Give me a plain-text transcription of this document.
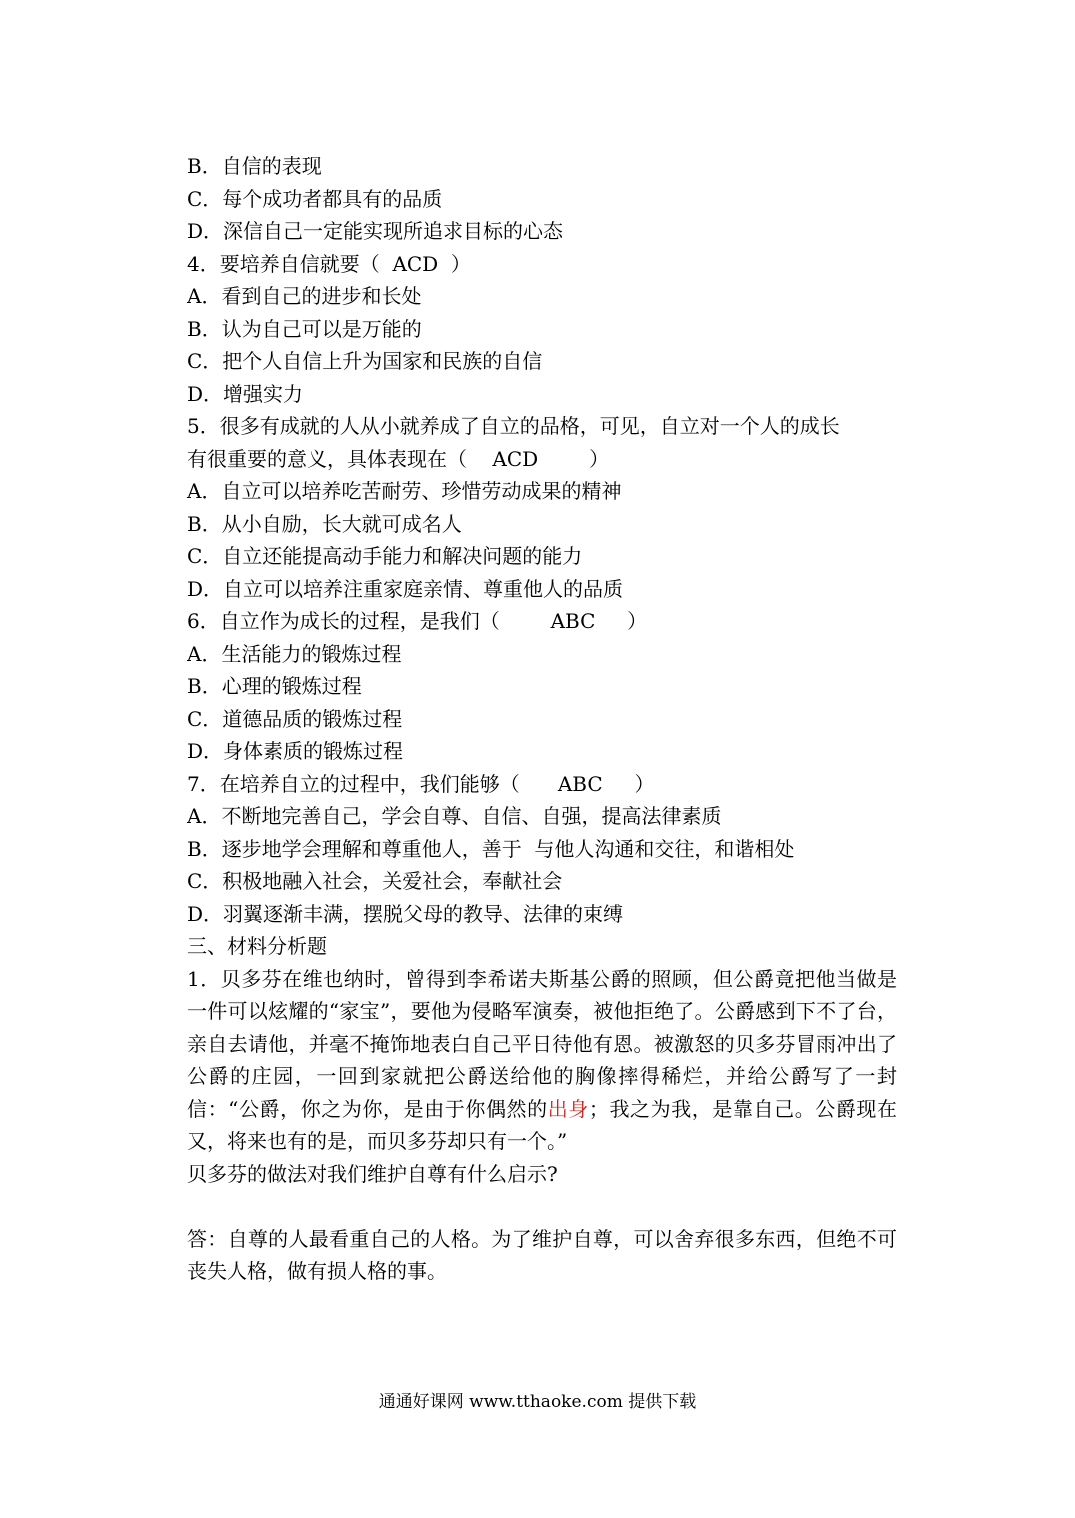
B．自信的表现
C．每个成功者都具有的品质
D．深信自己一定能实现所追求目标的心态
4．要培养自信就要（  ACD  ）
A．看到自己的进步和长处
B．认为自己可以是万能的
C．把个人自信上升为国家和民族的自信
D．增强实力
5．很多有成就的人从小就养成了自立的品格，可见，自立对一个人的成长
有很重要的意义，具体表现在（    ACD        ）
A．自立可以培养吃苦耐劳、珍惜劳动成果的精神
B．从小自励，长大就可成名人
C．自立还能提高动手能力和解决问题的能力
D．自立可以培养注重家庭亲情、尊重他人的品质
6．自立作为成长的过程，是我们（        ABC     ）
A．生活能力的锻炼过程
B．心理的锻炼过程
C．道德品质的锻炼过程
D．身体素质的锻炼过程
7．在培养自立的过程中，我们能够（      ABC     ）
A．不断地完善自己，学会自尊、自信、自强，提高法律素质
B．逐步地学会理解和尊重他人，善于  与他人沟通和交往，和谐相处
C．积极地融入社会，关爱社会，奉献社会
D．羽翼逐渐丰满，摆脱父母的教导、法律的束缚
三、材料分析题
1．贝多芬在维也纳时，曾得到李希诺夫斯基公爵的照顾，但公爵竟把他当做是一件可以炫耀的“家宝”，要他为侵略军演奏，被他拒绝了。公爵感到下不了台，亲自去请他，并毫不掩饰地表白自己平日待他有恩。被激怒的贝多芬冒雨冲出了公爵的庄园，一回到家就把公爵送给他的胸像摔得稀烂，并给公爵写了一封信：“公爵，你之为你，是由于你偶然的出身；我之为我，是靠自己。公爵现在又，将来也有的是，而贝多芬却只有一个。”
贝多芬的做法对我们维护自尊有什么启示?
答：自尊的人最看重自己的人格。为了维护自尊，可以舍弃很多东西，但绝不可丧失人格，做有损人格的事。
通通好课网 www.tthaoke.com 提供下载
